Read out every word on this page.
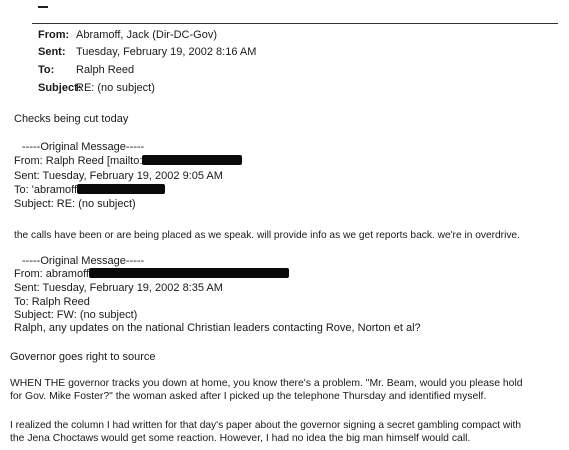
From: Abramoff, Jack (Dir-DC-Gov)
Sent: Tuesday, February 19, 2002 8:16 AM
To: Ralph Reed
Subject:
RE: (no subject)
Checks being cut today
-----Original Message-----
From: Ralph Reed [mailto:
Sent: Tuesday, February 19, 2002 9:05 AM
To: 'abramoff
Subject: RE: (no subject)
the calls have been or are being placed as we speak. will provide info as we get reports back. we're in overdrive.
-----Original Message-----
From: abramoff
Sent: Tuesday, February 19, 2002 8:35 AM
To: Ralph Reed
Subject: FW: (no subject)
Ralph, any updates on the national Christian leaders contacting Rove, Norton et al?
Governor goes right to source
WHEN THE governor tracks you down at home, you know there's a problem. "Mr. Beam, would you please hold
for Gov. Mike Foster?" the woman asked after I picked up the telephone Thursday and identified myself.
I realized the column I had written for that day's paper about the governor signing a secret gambling compact with
the Jena Choctaws would get some reaction. However, I had no idea the big man himself would call.
